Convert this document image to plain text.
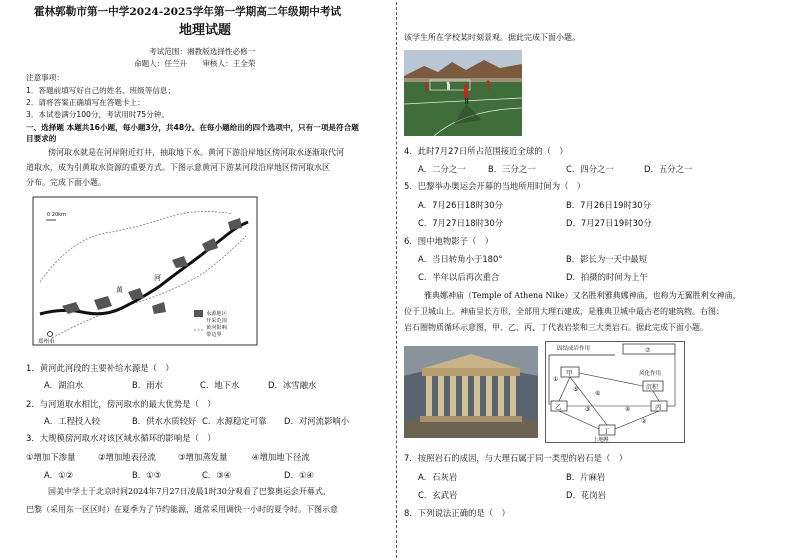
霍林郭勒市第一中学2024-2025学年第一学期高二年级期中考试
地理试题
考试范围：湘教版选择性必修一
命题人：任兰升　　审核人：王全荣
注意事项：
1．答题前填写好自己的姓名、班级等信息；
2．请将答案正确填写在答题卡上；
3．本试卷满分100分，考试用时75分钟。
一、选择题 本题共16小题，每小题3分，共48分。在每小题给出的四个选项中，只有一项是符合题
目要求的
傍河取水就是在河岸附近打井，抽取地下水。黄河下游沿岸地区傍河取水逐渐取代河
道取水，成为引黄取水资源的重要方式。下图示意黄河下游某河段沿岸地区傍河取水区
分布。完成下面小题。
0 20km
黄
河
郑州市
水源地区
开采范围
黄河影响
带边界
1．黄河此河段的主要补给水源是（　）
A．湖泊水	B．雨水	C．地下水	D．冰雪融水
2．与河道取水相比，傍河取水的最大优势是（　）
A．工程投入较	B．供水水质较好 C．水源稳定可靠 D．对河流影响小
3．大规模傍河取水对该区域水循环的影响是（　）
①增加下渗量	②增加地表径流	③增加蒸发量	④增加地下径流
A．①②	B．①③	C．③④	D．①④
国美中学士于北京时间2024年7月27日凌晨1时30分观看了巴黎奥运会开幕式，
巴黎（采用东一区区时）在夏季为了节约能源，通常采用调快一小时的夏令时。下图示意
该学生所在学校某时刻景观。据此完成下面小题。
4．此时7月27日所占范围接近全球的（　）
A．二分之一	B．三分之一	C．四分之一	D．五分之一
5．巴黎举办奥运会开幕的当地所用时间为（　）
A．7月26日18时30分	B．7月26日19时30分
C．7月27日18时30分	D．7月27日19时30分
6．图中地物影子（　）
A．当日转角小于180°	B．影长为一天中最短
C．半年以后再次重合	D．拍摄的时间为上午
雅典娜神庙（Temple of Athena Nike）又名胜利雅典娜神庙，也称为无翼胜利女神庙，
位于卫城山上。神庙呈长方形，全部用大理石建成，是雅典卫城中最古老的建筑物。右图：
岩石圈物质循环示意图，甲、乙、丙、丁代表岩浆和三大类岩石。据此完成下面小题。
固结成岩作用	⑦
甲
①
⑤
⑥
风化作用
沉积
乙	丙
③	④
②
丁
上地幔
7．按照岩石的成因，与大理石属于同一类型的岩石是（　）
A．石灰岩	B．片麻岩
C．玄武岩	D．花岗岩
8．下列说法正确的是（　）
